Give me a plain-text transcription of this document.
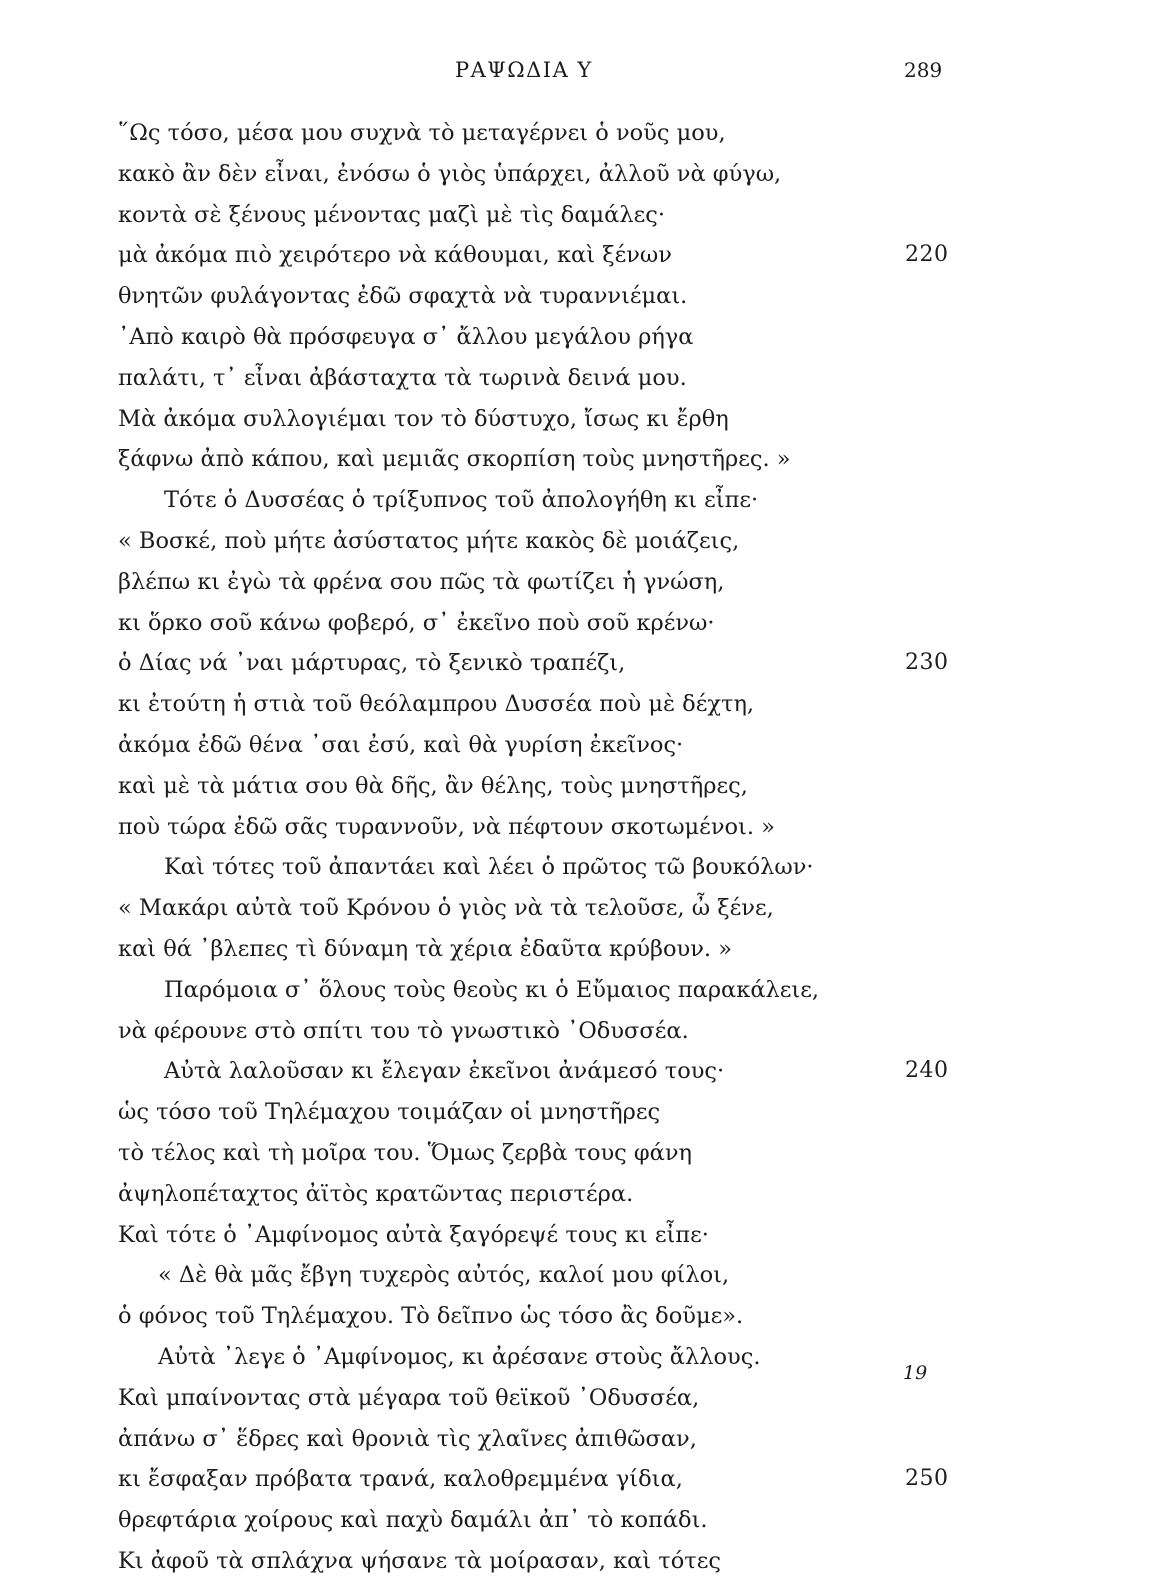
ΡΑΨΩΔΙΑ Υ	289
῞Ως τόσο, μέσα μου συχνὰ τὸ μεταγέρνει ὁ νοῦς μου,
κακὸ ἂν δὲν εἶναι, ἐνόσω ὁ γιὸς ὑπάρχει, ἀλλοῦ νὰ φύγω,
κοντὰ σὲ ξένους μένοντας μαζὶ μὲ τὶς δαμάλες·
μὰ ἀκόμα πιὸ χειρότερο νὰ κάθουμαι, καὶ ξένων	220
θνητῶν φυλάγοντας ἐδῶ σφαχτὰ νὰ τυραννιέμαι.
᾿Απὸ καιρὸ θὰ πρόσφευγα σ᾿ ἄλλου μεγάλου ρήγα
παλάτι, τ᾿ εἶναι ἀβάσταχτα τὰ τωρινὰ δεινά μου.
Μὰ ἀκόμα συλλογιέμαι τον τὸ δύστυχο, ἴσως κι ἔρθη
ξάφνω ἀπὸ κάπου, καὶ μεμιᾶς σκορπίση τοὺς μνηστῆρες. »
Τότε ὁ Δυσσέας ὁ τρίξυπνος τοῦ ἀπολογήθη κι εἶπε·
« Βοσκέ, ποὺ μήτε ἀσύστατος μήτε κακὸς δὲ μοιάζεις,
βλέπω κι ἐγὼ τὰ φρένα σου πῶς τὰ φωτίζει ἡ γνώση,
κι ὅρκο σοῦ κάνω φοβερό, σ᾿ ἐκεῖνο ποὺ σοῦ κρένω·
ὁ Δίας νά ᾿ναι μάρτυρας, τὸ ξενικὸ τραπέζι,	230
κι ἐτούτη ἡ στιὰ τοῦ θεόλαμπρου Δυσσέα ποὺ μὲ δέχτη,
ἀκόμα ἐδῶ θένα ᾿σαι ἐσύ, καὶ θὰ γυρίση ἐκεῖνος·
καὶ μὲ τὰ μάτια σου θὰ δῆς, ἂν θέλης, τοὺς μνηστῆρες,
ποὺ τώρα ἐδῶ σᾶς τυραννοῦν, νὰ πέφτουν σκοτωμένοι. »
Καὶ τότες τοῦ ἀπαντάει καὶ λέει ὁ πρῶτος τῶ βουκόλων·
« Μακάρι αὐτὰ τοῦ Κρόνου ὁ γιὸς νὰ τὰ τελοῦσε, ὦ ξένε,
καὶ θά ᾿βλεπες τὶ δύναμη τὰ χέρια ἐδαῦτα κρύβουν. »
Παρόμοια σ᾿ ὅλους τοὺς θεοὺς κι ὁ Εὔμαιος παρακάλειε,
νὰ φέρουνε στὸ σπίτι του τὸ γνωστικὸ ᾿Οδυσσέα.
Αὐτὰ λαλοῦσαν κι ἔλεγαν ἐκεῖνοι ἀνάμεσό τους·	240
ὡς τόσο τοῦ Τηλέμαχου τοιμάζαν οἱ μνηστῆρες
τὸ τέλος καὶ τὴ μοῖρα του. Ὅμως ζερβὰ τους φάνη
ἀψηλοπέταχτος ἀϊτὸς κρατῶντας περιστέρα.
Καὶ τότε ὁ ᾿Αμφίνομος αὐτὰ ξαγόρεψέ τους κι εἶπε·
« Δὲ θὰ μᾶς ἔβγη τυχερὸς αὐτός, καλοί μου φίλοι,
ὁ φόνος τοῦ Τηλέμαχου. Τὸ δεῖπνο ὡς τόσο ἂς δοῦμε».
Αὐτὰ ᾿λεγε ὁ ᾿Αμφίνομος, κι ἀρέσανε στοὺς ἄλλους.
Καὶ μπαίνοντας στὰ μέγαρα τοῦ θεϊκοῦ ᾿Οδυσσέα,
ἀπάνω σ᾿ ἕδρες καὶ θρονιὰ τὶς χλαῖνες ἀπιθῶσαν,
κι ἔσφαξαν πρόβατα τρανά, καλοθρεμμένα γίδια,	250
θρεφτάρια χοίρους καὶ παχὺ δαμάλι ἀπ᾿ τὸ κοπάδι.
Κι ἀφοῦ τὰ σπλάχνα ψήσανε τὰ μοίρασαν, καὶ τότες
19
